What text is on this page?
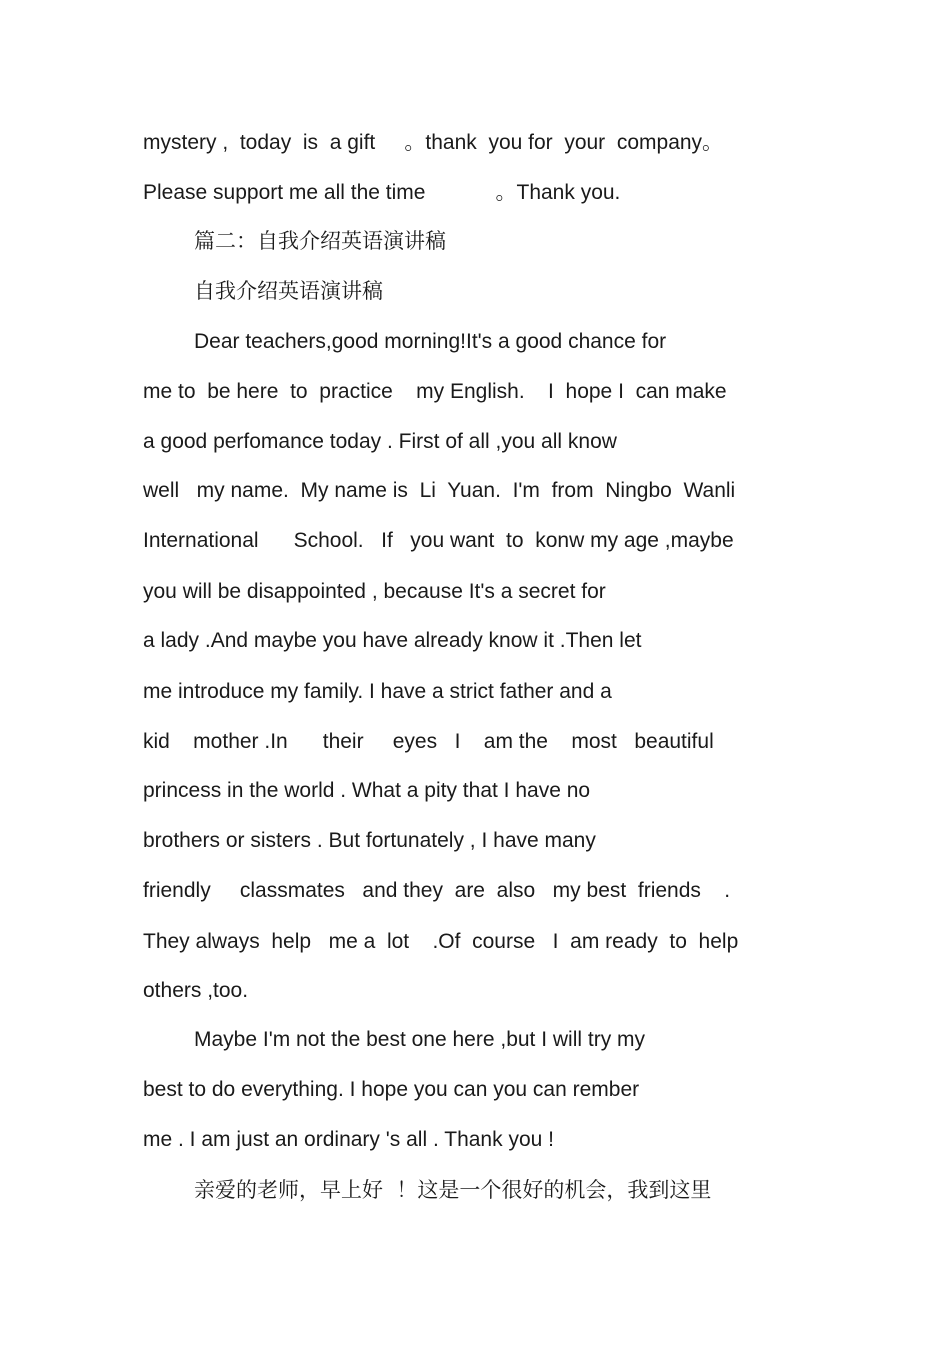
mystery ,  today  is  a gift     。thank  you for  your  company。
Please support me all the time            。Thank you.
篇二：自我介绍英语演讲稿
自我介绍英语演讲稿
Dear teachers,good morning!It's a good chance for
me to  be here  to  practice    my English.    I  hope I  can make
a good perfomance today . First of all ,you all know
well   my name.  My name is  Li  Yuan.  I'm  from  Ningbo  Wanli
International      School.   If   you want  to  konw my age ,maybe
you will be disappointed , because It's a secret for
a lady .And maybe you have already know it .Then let
me introduce my family. I have a strict father and a
kid    mother .In      their     eyes   I    am the    most   beautiful
princess in the world . What a pity that I have no
brothers or sisters . But fortunately , I have many
friendly     classmates   and they  are  also   my best  friends    .
They always  help   me a  lot    .Of  course   I  am ready  to  help
others ,too.
Maybe I'm not the best one here ,but I will try my
best to do everything. I hope you can you can rember
me . I am just an ordinary 's all . Thank you !
亲爱的老师，早上好  ！这是一个很好的机会，我到这里
